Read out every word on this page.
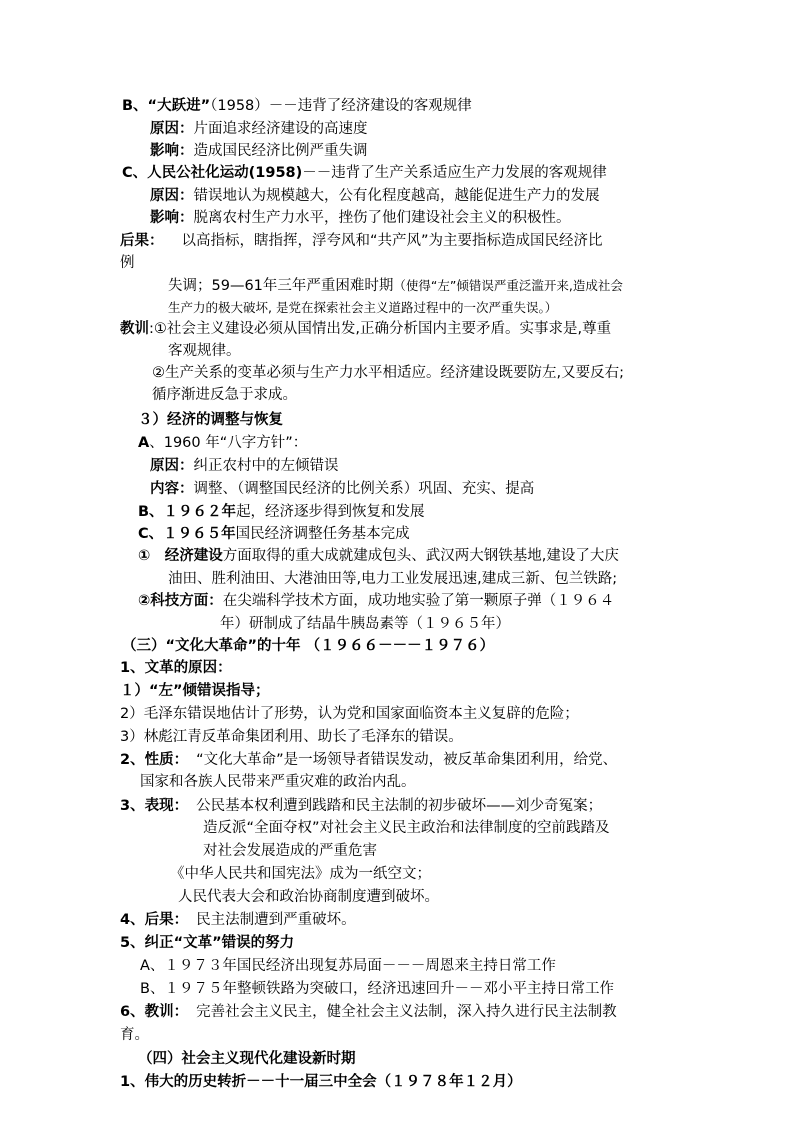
B、“大跃进”（1958）－－违背了经济建设的客观规律
原因：片面追求经济建设的高速度
影响：造成国民经济比例严重失调
C、人民公社化运动(1958)－－违背了生产关系适应生产力发展的客观规律
原因：错误地认为规模越大，公有化程度越高，越能促进生产力的发展
影响：脱离农村生产力水平，挫伤了他们建设社会主义的积极性。
后果： 以高指标，瞎指挥，浮夸风和“共产风”为主要指标造成国民经济比
例
失调；59—61年三年严重困难时期（使得“左”倾错误严重泛滥开来,造成社会
生产力的极大破坏, 是党在探索社会主义道路过程中的一次严重失误。）
教训:①社会主义建设必须从国情出发,正确分析国内主要矛盾。实事求是,尊重
客观规律。
②生产关系的变革必须与生产力水平相适应。经济建设既要防左,又要反右;
循序渐进反急于求成。
３）经济的调整与恢复
A、1960 年“八字方针”：
原因：纠正农村中的左倾错误
内容：调整、（调整国民经济的比例关系）巩固、充实、提高
B、１９６２年起，经济逐步得到恢复和发展
C、１９６５年国民经济调整任务基本完成
①　经济建设方面取得的重大成就建成包头、武汉两大钢铁基地,建设了大庆
油田、胜利油田、大港油田等,电力工业发展迅速,建成三新、包兰铁路;
②科技方面：在尖端科学技术方面，成功地实验了第一颗原子弹（１９６４
年）研制成了结晶牛胰岛素等（１９６５年）
（三）“文化大革命”的十年 （１９６６－－－１９７６）
1、文革的原因：
１）“左”倾错误指导；
2）毛泽东错误地估计了形势，认为党和国家面临资本主义复辟的危险；
3）林彪江青反革命集团利用、助长了毛泽东的错误。
2、性质： “文化大革命”是一场领导者错误发动，被反革命集团利用，给党、
国家和各族人民带来严重灾难的政治内乱。
3、表现： 公民基本权利遭到践踏和民主法制的初步破坏——刘少奇冤案；
造反派“全面夺权”对社会主义民主政治和法律制度的空前践踏及
对社会发展造成的严重危害
《中华人民共和国宪法》成为一纸空文；
人民代表大会和政治协商制度遭到破坏。
4、后果： 民主法制遭到严重破坏。
5、纠正“文革”错误的努力
A、１９７３年国民经济出现复苏局面－－－周恩来主持日常工作
B、１９７５年整顿铁路为突破口，经济迅速回升－－邓小平主持日常工作
6、教训： 完善社会主义民主，健全社会主义法制，深入持久进行民主法制教
育。
（四）社会主义现代化建设新时期
1、伟大的历史转折－－十一届三中全会（１９７８年１２月）
